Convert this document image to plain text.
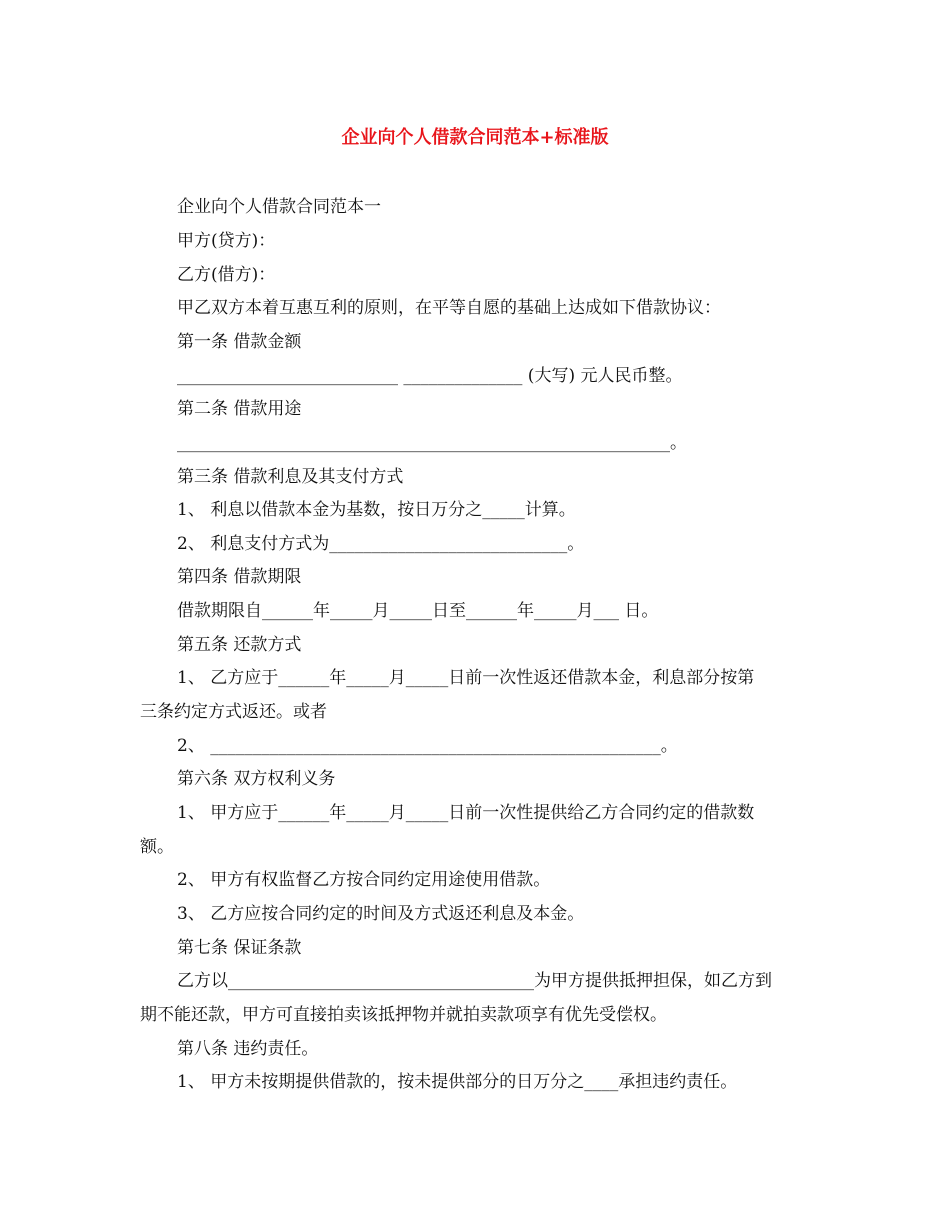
企业向个人借款合同范本+标准版

企业向个人借款合同范本一

甲方(贷方)：

乙方(借方)：

甲乙双方本着互惠互利的原则，在平等自愿的基础上达成如下借款协议：

第一条 借款金额

__________________________ ______________ (大写) 元人民币整。

第二条 借款用途

__________________________________________________________。

第三条 借款利息及其支付方式

1、 利息以借款本金为基数，按日万分之_____计算。

2、 利息支付方式为____________________________。

第四条 借款期限

借款期限自______年_____月_____日至______年_____月___ 日。

第五条 还款方式

1、 乙方应于______年_____月_____日前一次性返还借款本金，利息部分按第

三条约定方式返还。或者

2、 _____________________________________________________。

第六条 双方权利义务

1、 甲方应于______年_____月_____日前一次性提供给乙方合同约定的借款数

额。

2、 甲方有权监督乙方按合同约定用途使用借款。

3、 乙方应按合同约定的时间及方式返还利息及本金。

第七条 保证条款

乙方以____________________________________为甲方提供抵押担保，如乙方到

期不能还款，甲方可直接拍卖该抵押物并就拍卖款项享有优先受偿权。

第八条 违约责任。

1、 甲方未按期提供借款的，按未提供部分的日万分之____承担违约责任。
